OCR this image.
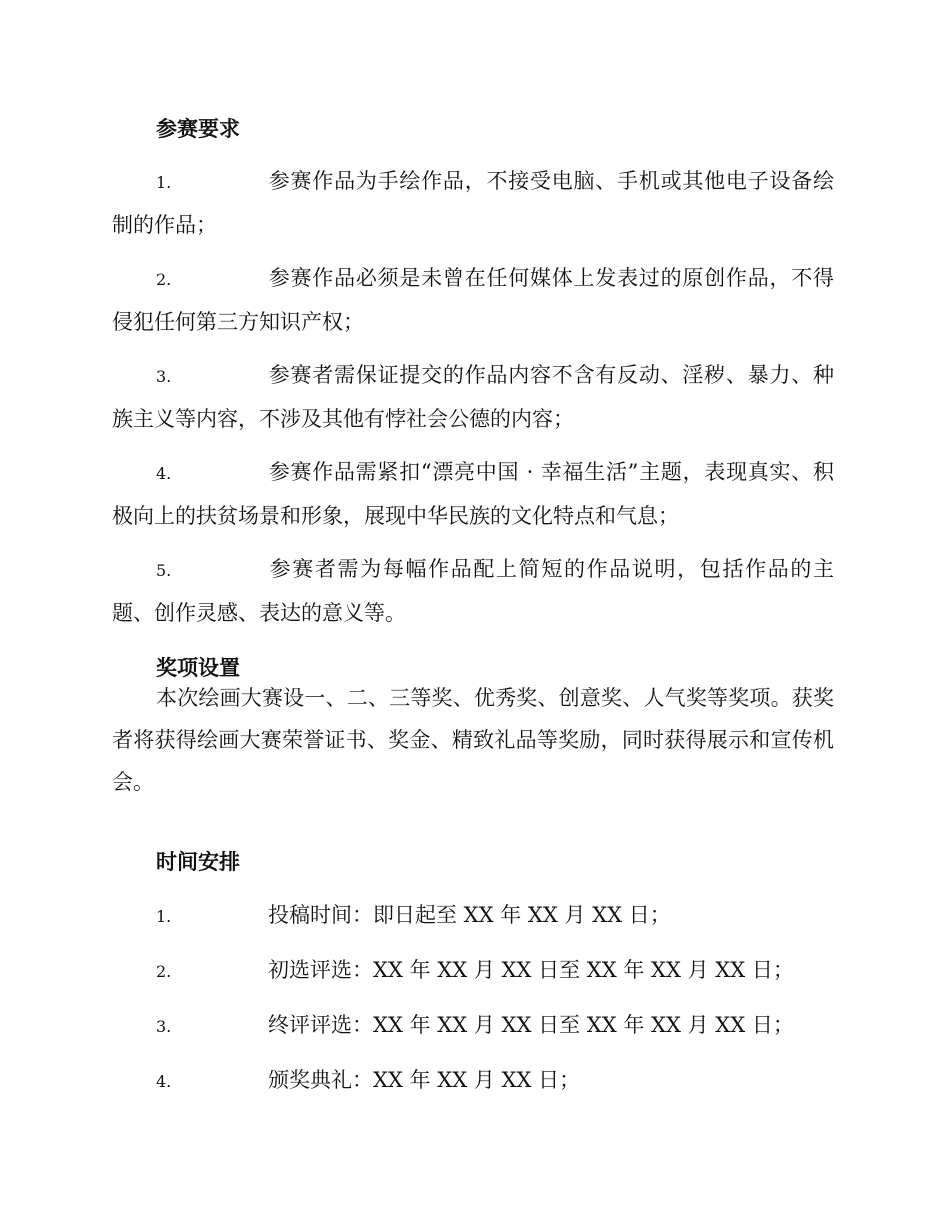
参赛要求
1.	参赛作品为手绘作品，不接受电脑、手机或其他电子设备绘制的作品；
2.	参赛作品必须是未曾在任何媒体上发表过的原创作品，不得侵犯任何第三方知识产权；
3.	参赛者需保证提交的作品内容不含有反动、淫秽、暴力、种族主义等内容，不涉及其他有悖社会公德的内容；
4.	参赛作品需紧扣“漂亮中国 · 幸福生活”主题，表现真实、积极向上的扶贫场景和形象，展现中华民族的文化特点和气息；
5.	参赛者需为每幅作品配上简短的作品说明，包括作品的主题、创作灵感、表达的意义等。
奖项设置
本次绘画大赛设一、二、三等奖、优秀奖、创意奖、人气奖等奖项。获奖者将获得绘画大赛荣誉证书、奖金、精致礼品等奖励，同时获得展示和宣传机会。
时间安排
1.	投稿时间：即日起至 XX 年 XX 月 XX 日；
2.	初选评选：XX 年 XX 月 XX 日至 XX 年 XX 月 XX 日；
3.	终评评选：XX 年 XX 月 XX 日至 XX 年 XX 月 XX 日；
4.	颁奖典礼：XX 年 XX 月 XX 日；
